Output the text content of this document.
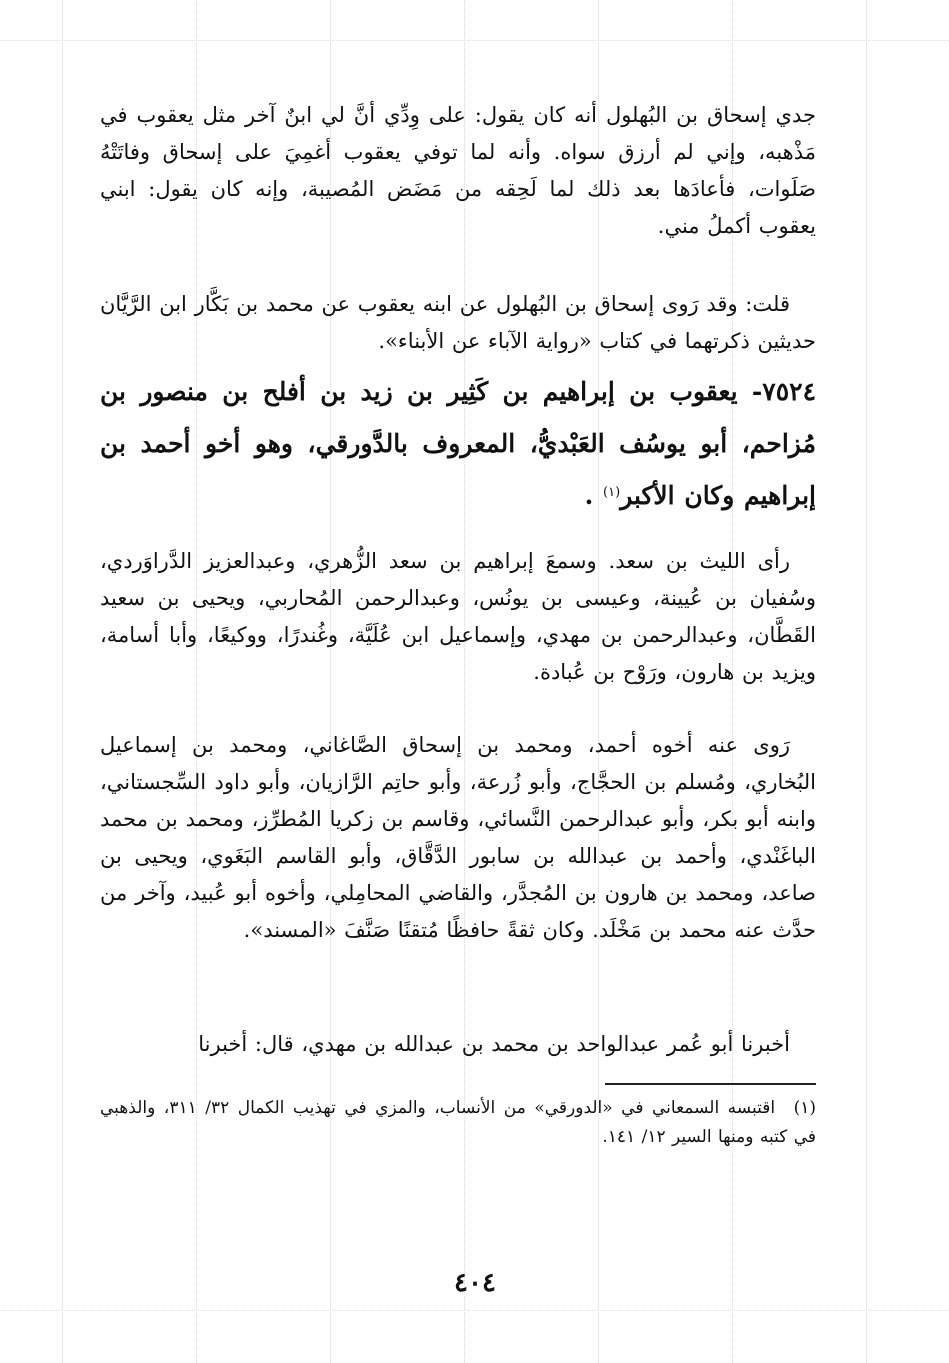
جدي إسحاق بن البُهلول أنه كان يقول: على وِدِّي أنَّ لي ابنٌ آخر مثل يعقوب في مَذْهبه، وإني لم أرزق سواه. وأنه لما توفي يعقوب أغمِيَ على إسحاق وفاتَتْهُ صَلَوات، فأعادَها بعد ذلك لما لَحِقه من مَضَض المُصيبة، وإنه كان يقول: ابني يعقوب أكملُ مني.

قلت: وقد رَوى إسحاق بن البُهلول عن ابنه يعقوب عن محمد بن بَكَّار ابن الرَّيَّان حديثين ذكرتهما في كتاب «رواية الآباء عن الأبناء».

٧٥٢٤- يعقوب بن إبراهيم بن كَثِير بن زيد بن أفلح بن منصور بن مُزاحم، أبو يوسُف العَبْديُّ، المعروف بالدَّورقي، وهو أخو أحمد بن إبراهيم وكان الأكبر$^{(١)}$ .

رأى الليث بن سعد. وسمعَ إبراهيم بن سعد الزُّهري، وعبدالعزيز الدَّراوَردي، وسُفيان بن عُيينة، وعيسى بن يونُس، وعبدالرحمن المُحاربي، ويحيى بن سعيد القَطَّان، وعبدالرحمن بن مهدي، وإسماعيل ابن عُلَيَّة، وغُندرًا، ووكيعًا، وأبا أسامة، ويزيد بن هارون، ورَوْح بن عُبادة.

رَوى عنه أخوه أحمد، ومحمد بن إسحاق الصَّاغاني، ومحمد بن إسماعيل البُخاري، ومُسلم بن الحجَّاج، وأبو زُرعة، وأبو حاتِم الرَّازيان، وأبو داود السِّجستاني، وابنه أبو بكر، وأبو عبدالرحمن النَّسائي، وقاسم بن زكريا المُطرِّز، ومحمد بن محمد الباغَنْدي، وأحمد بن عبدالله بن سابور الدَّقَّاق، وأبو القاسم البَغَوي، ويحيى بن صاعد، ومحمد بن هارون بن المُجدَّر، والقاضي المحامِلي، وأخوه أبو عُبيد، وآخر من حدَّث عنه محمد بن مَخْلَد. وكان ثقةً حافظًا مُتقنًا صَنَّفَ «المسند».

أخبرنا أبو عُمر عبدالواحد بن محمد بن عبدالله بن مهدي، قال: أخبرنا

(١) اقتبسه السمعاني في «الدورقي» من الأنساب، والمزي في تهذيب الكمال ٣٢/ ٣١١، والذهبي في كتبه ومنها السير ١٢/ ١٤١.

٤٠٤
